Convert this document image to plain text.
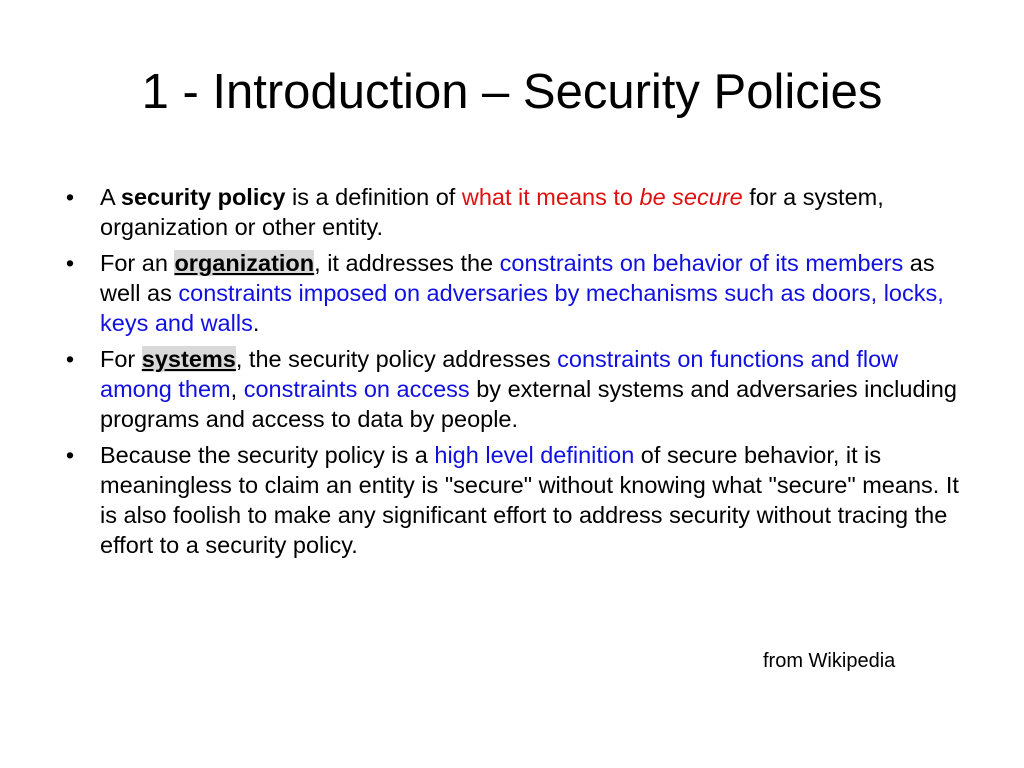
1 - Introduction – Security Policies
• A security policy is a definition of what it means to be secure for a system, organization or other entity.
• For an organization, it addresses the constraints on behavior of its members as well as constraints imposed on adversaries by mechanisms such as doors, locks, keys and walls.
• For systems, the security policy addresses constraints on functions and flow among them, constraints on access by external systems and adversaries including programs and access to data by people.
• Because the security policy is a high level definition of secure behavior, it is meaningless to claim an entity is "secure" without knowing what "secure" means. It is also foolish to make any significant effort to address security without tracing the effort to a security policy.
from Wikipedia
